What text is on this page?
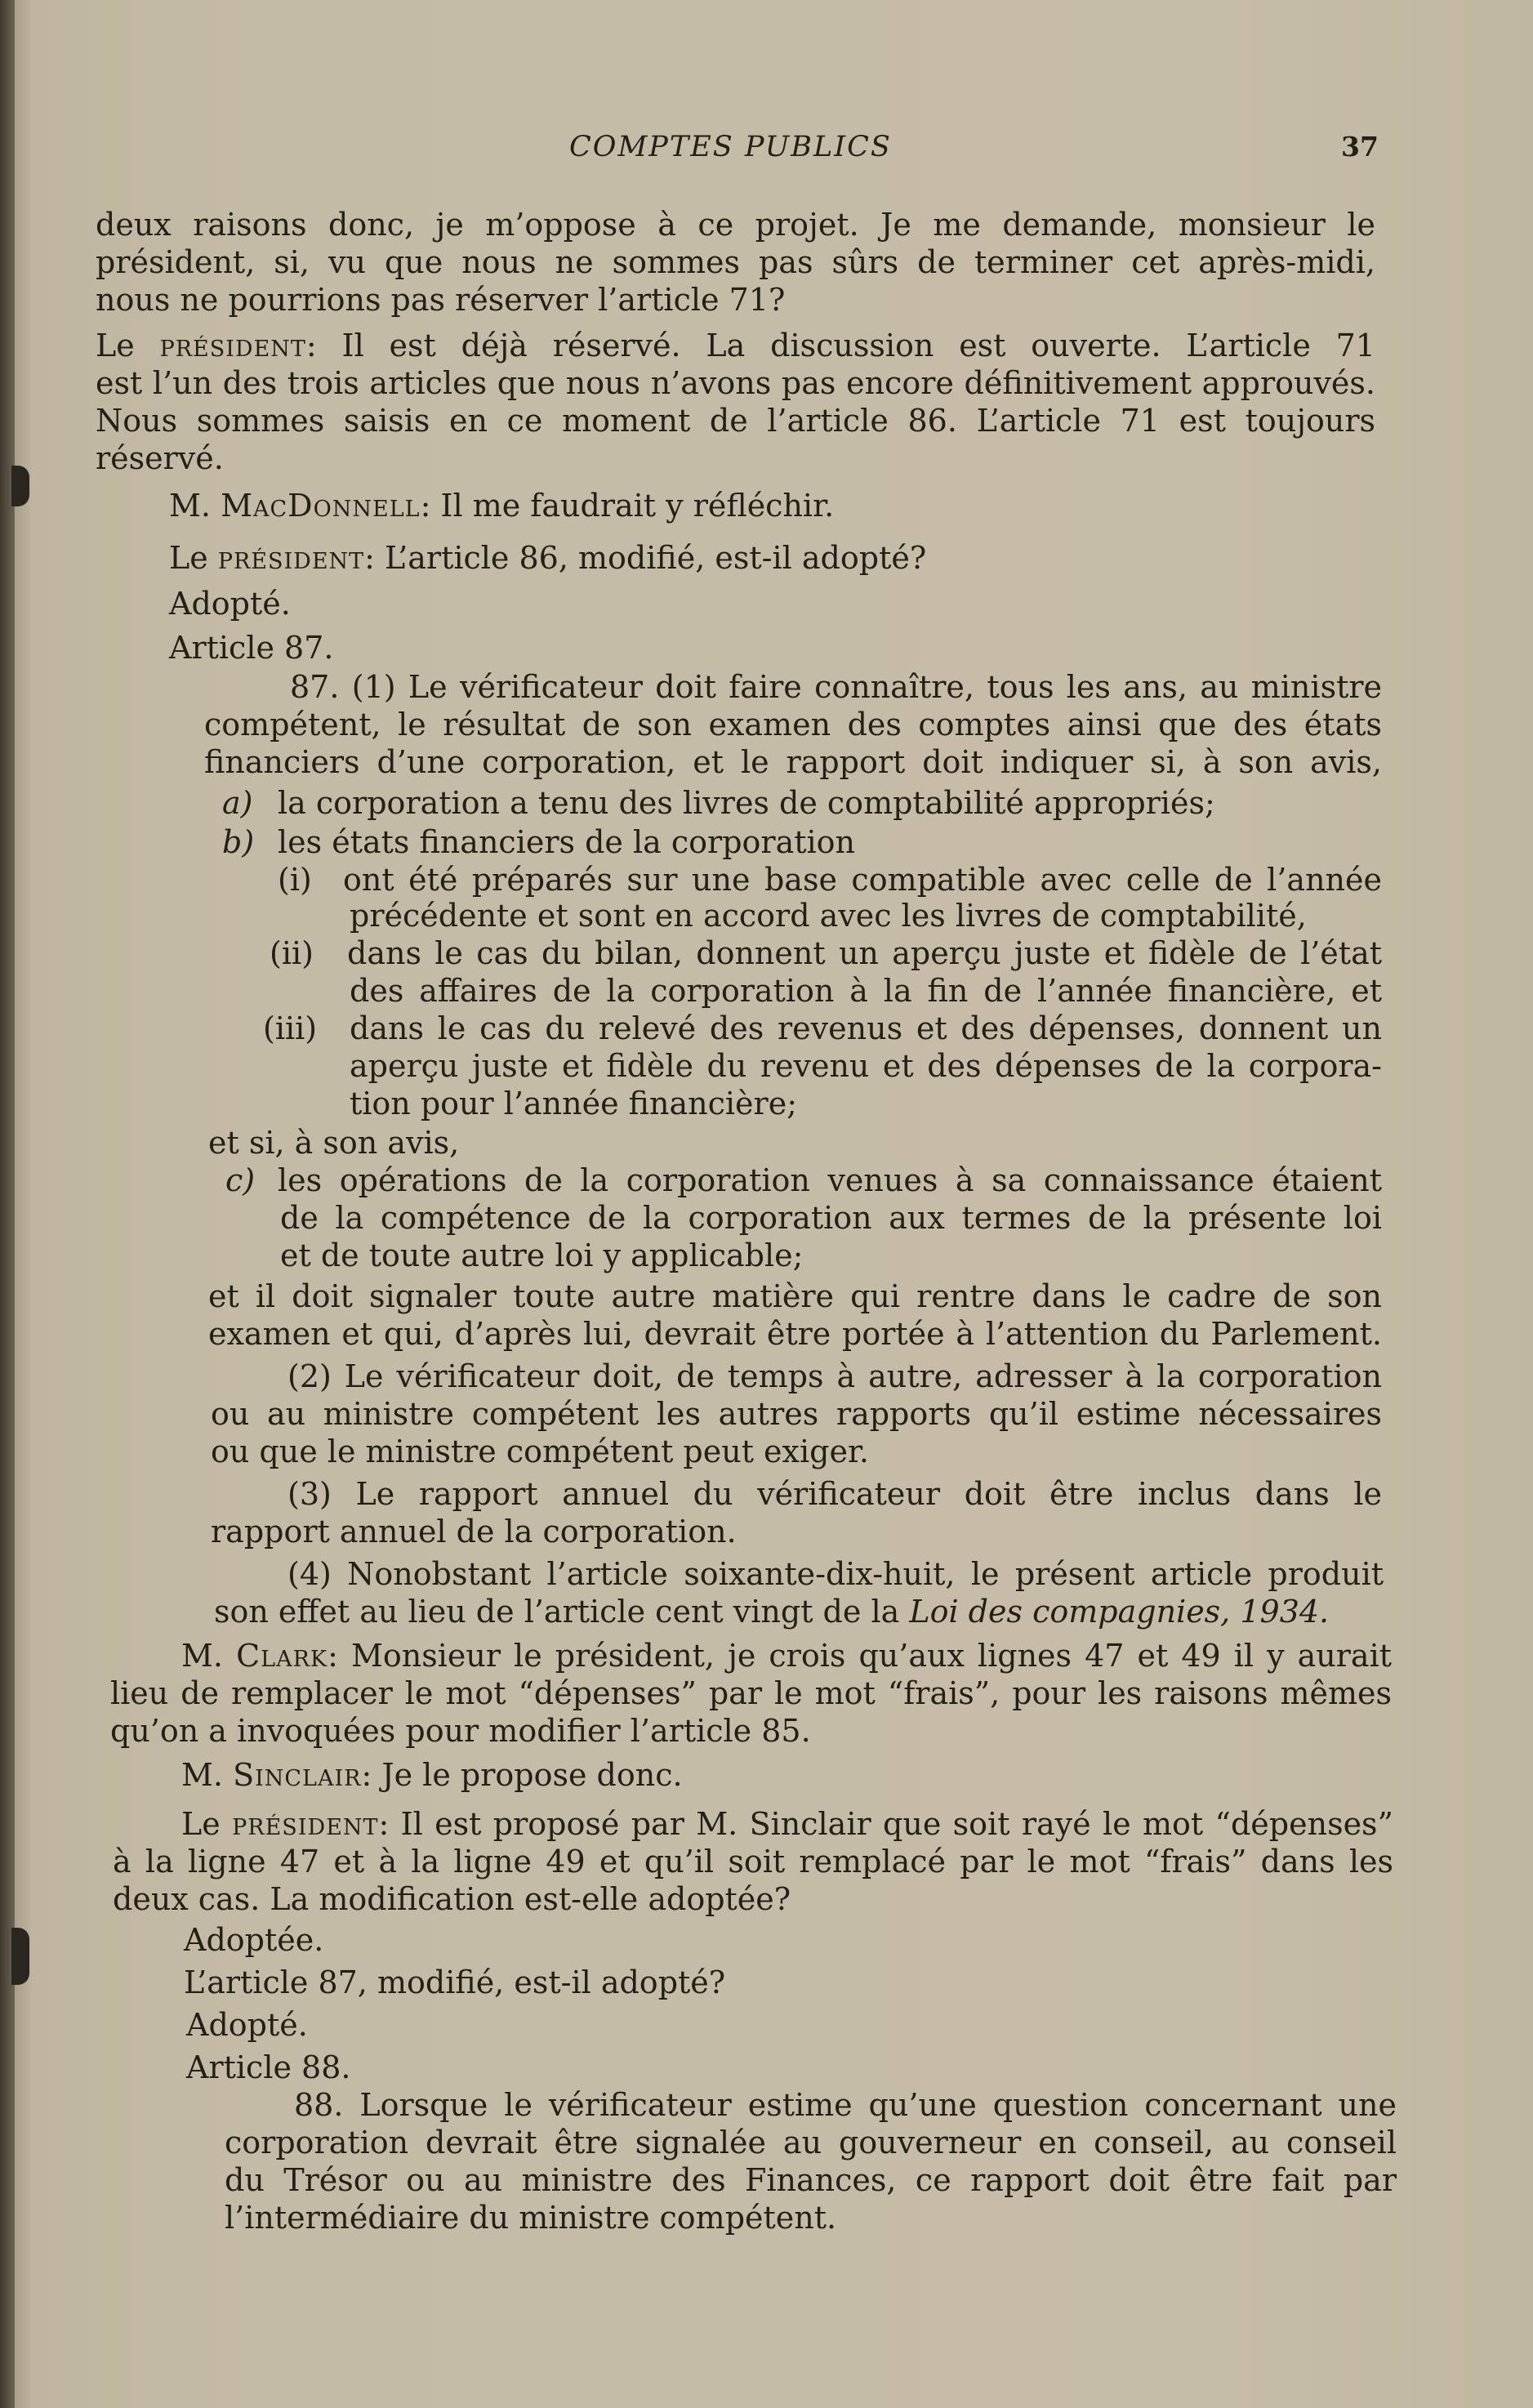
COMPTES PUBLICS	37
deux raisons donc, je m’oppose à ce projet. Je me demande, monsieur le
président, si, vu que nous ne sommes pas sûrs de terminer cet après-midi,
nous ne pourrions pas réserver l’article 71?
Le président: Il est déjà réservé. La discussion est ouverte. L’article 71
est l’un des trois articles que nous n’avons pas encore définitivement approuvés.
Nous sommes saisis en ce moment de l’article 86. L’article 71 est toujours
réservé.
M. MacDonnell: Il me faudrait y réfléchir.
Le président: L’article 86, modifié, est-il adopté?
Adopté.
Article 87.
87. (1) Le vérificateur doit faire connaître, tous les ans, au ministre
compétent, le résultat de son examen des comptes ainsi que des états
financiers d’une corporation, et le rapport doit indiquer si, à son avis,
a) la corporation a tenu des livres de comptabilité appropriés;
b) les états financiers de la corporation
(i) ont été préparés sur une base compatible avec celle de l’année
précédente et sont en accord avec les livres de comptabilité,
(ii) dans le cas du bilan, donnent un aperçu juste et fidèle de l’état
des affaires de la corporation à la fin de l’année financière, et
(iii) dans le cas du relevé des revenus et des dépenses, donnent un
aperçu juste et fidèle du revenu et des dépenses de la corpora-
tion pour l’année financière;
et si, à son avis,
c) les opérations de la corporation venues à sa connaissance étaient
de la compétence de la corporation aux termes de la présente loi
et de toute autre loi y applicable;
et il doit signaler toute autre matière qui rentre dans le cadre de son
examen et qui, d’après lui, devrait être portée à l’attention du Parlement.
(2) Le vérificateur doit, de temps à autre, adresser à la corporation
ou au ministre compétent les autres rapports qu’il estime nécessaires
ou que le ministre compétent peut exiger.
(3) Le rapport annuel du vérificateur doit être inclus dans le
rapport annuel de la corporation.
(4) Nonobstant l’article soixante-dix-huit, le présent article produit
son effet au lieu de l’article cent vingt de la Loi des compagnies, 1934.
M. Clark: Monsieur le président, je crois qu’aux lignes 47 et 49 il y aurait
lieu de remplacer le mot “dépenses” par le mot “frais”, pour les raisons mêmes
qu’on a invoquées pour modifier l’article 85.
M. Sinclair: Je le propose donc.
Le président: Il est proposé par M. Sinclair que soit rayé le mot “dépenses”
à la ligne 47 et à la ligne 49 et qu’il soit remplacé par le mot “frais” dans les
deux cas. La modification est-elle adoptée?
Adoptée.
L’article 87, modifié, est-il adopté?
Adopté.
Article 88.
88. Lorsque le vérificateur estime qu’une question concernant une
corporation devrait être signalée au gouverneur en conseil, au conseil
du Trésor ou au ministre des Finances, ce rapport doit être fait par
l’intermédiaire du ministre compétent.
